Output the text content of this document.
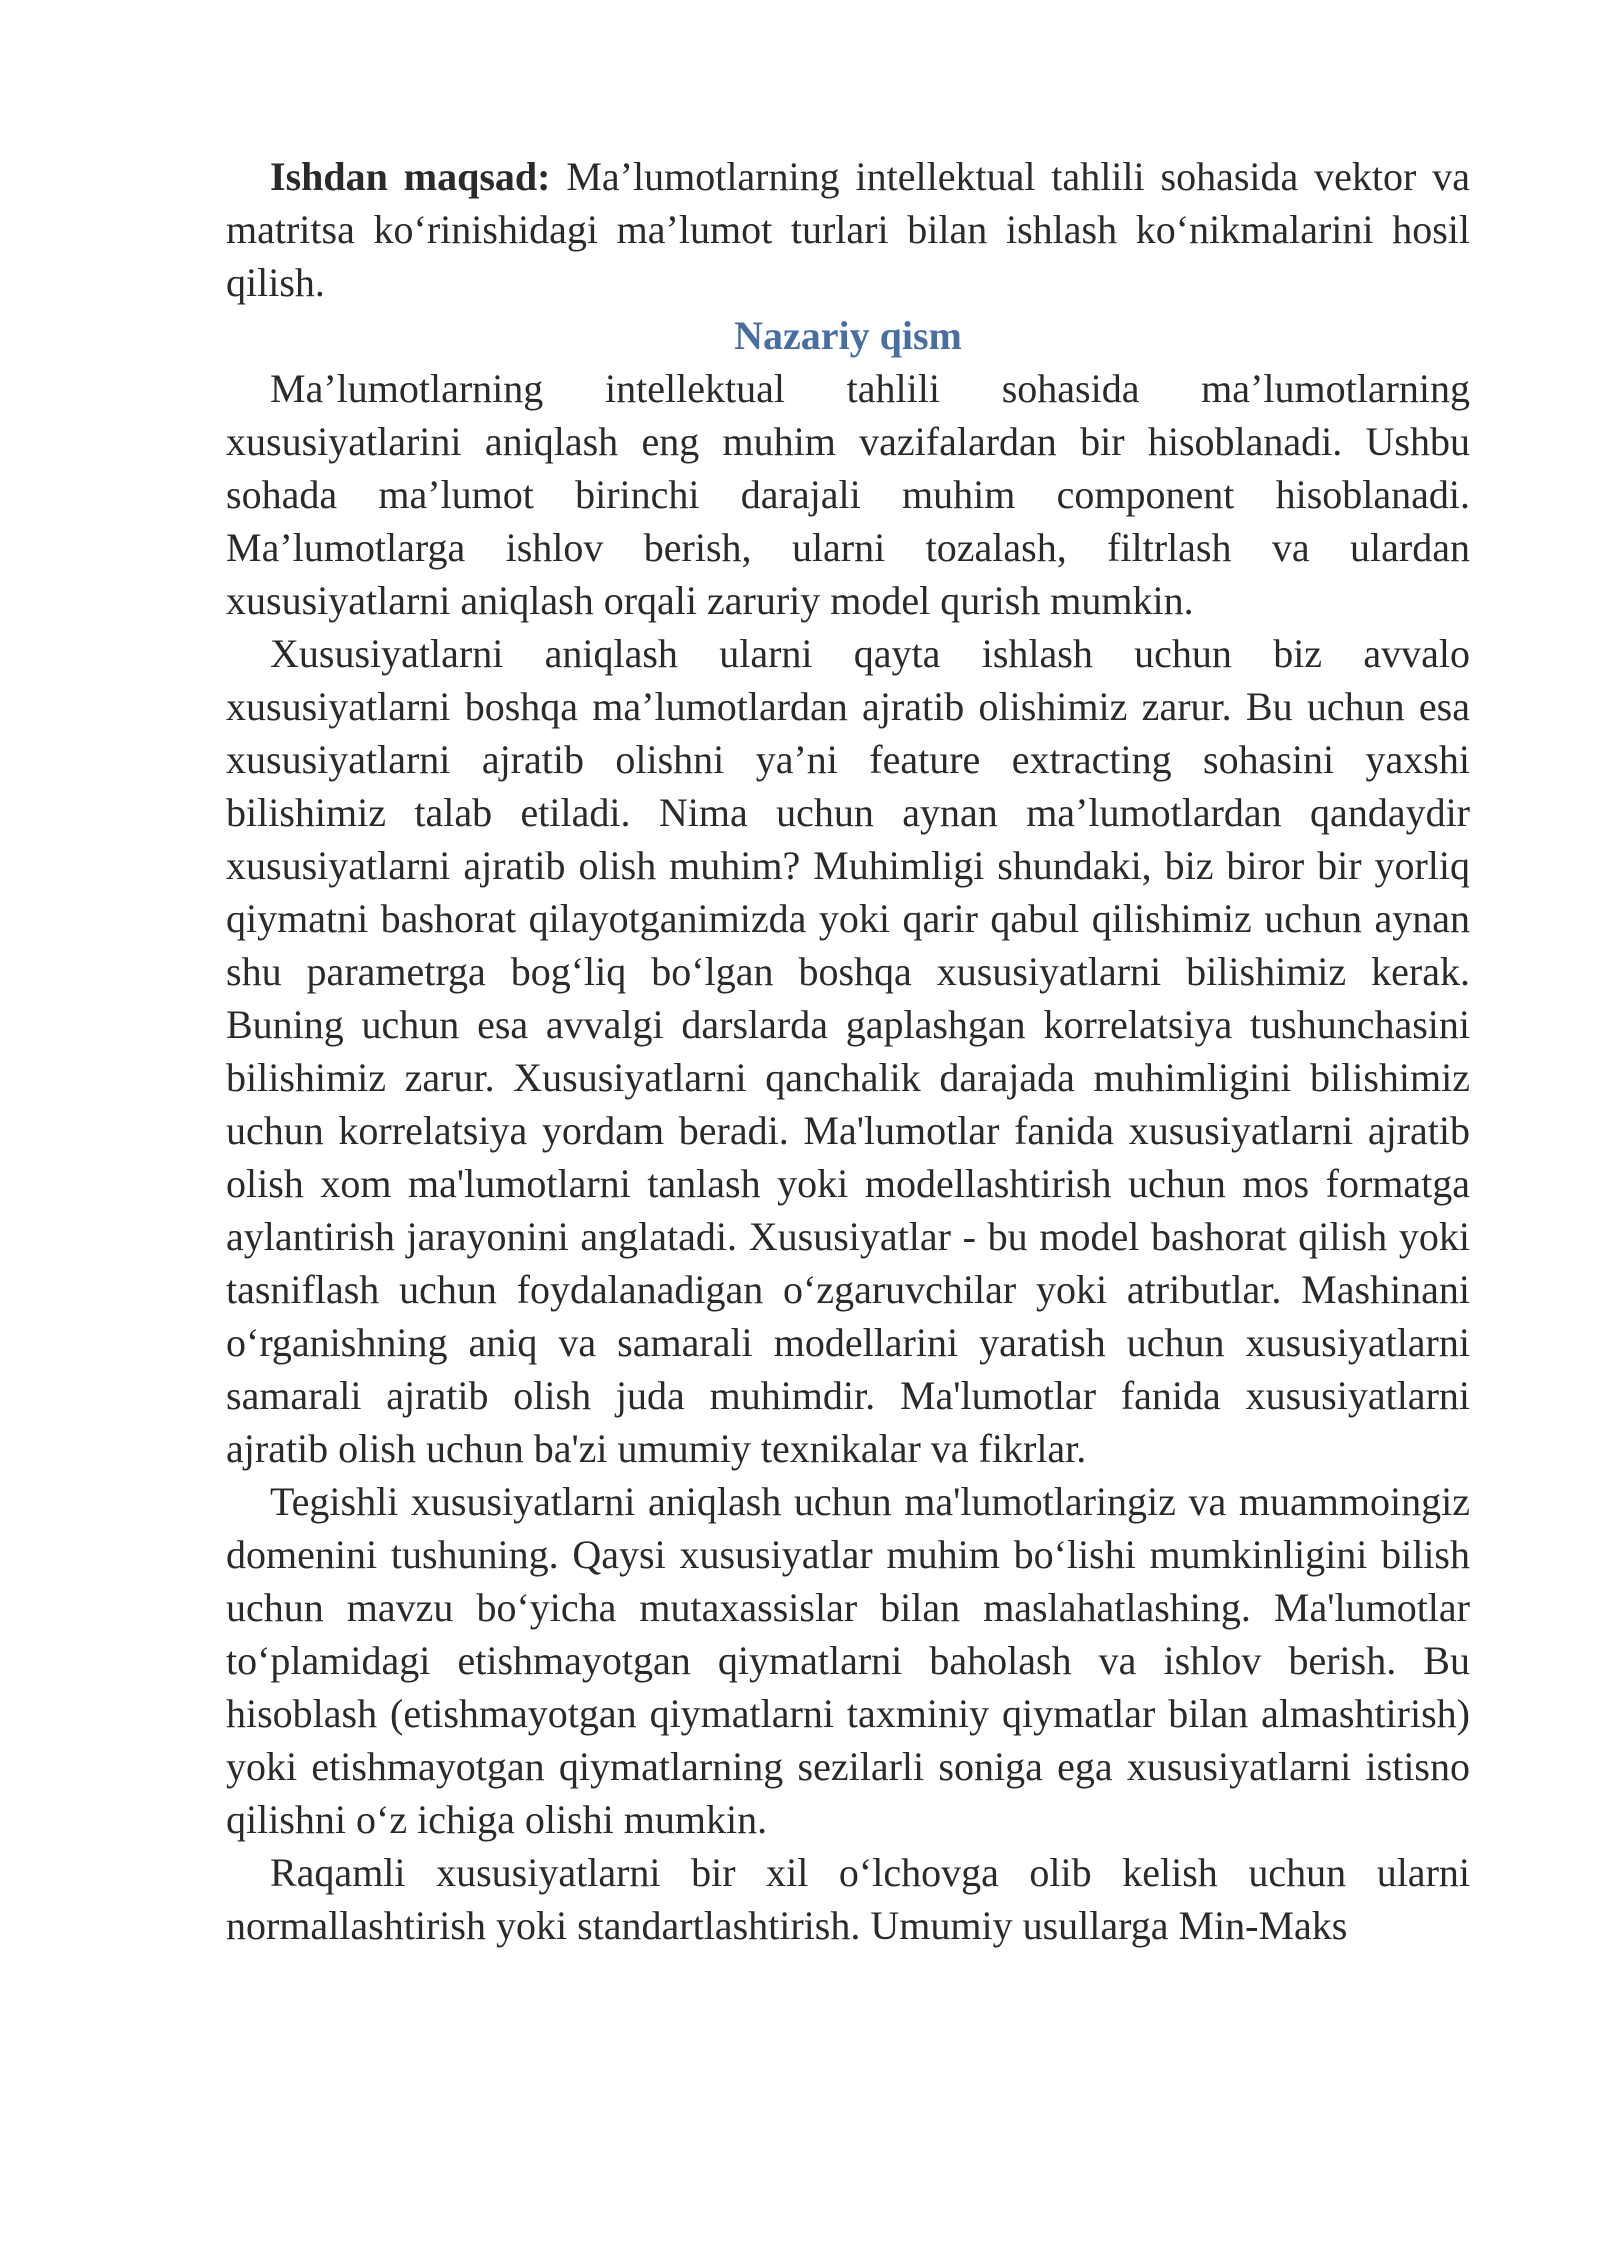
Ishdan maqsad: Ma’lumotlarning intellektual tahlili sohasida vektor va matritsa ko‘rinishidagi ma’lumot turlari bilan ishlash ko‘nikmalarini hosil qilish.

Nazariy qism

Ma’lumotlarning intellektual tahlili sohasida ma’lumotlarning xususiyatlarini aniqlash eng muhim vazifalardan bir hisoblanadi. Ushbu sohada ma’lumot birinchi darajali muhim component hisoblanadi. Ma’lumotlarga ishlov berish, ularni tozalash, filtrlash va ulardan xususiyatlarni aniqlash orqali zaruriy model qurish mumkin.

Xususiyatlarni aniqlash ularni qayta ishlash uchun biz avvalo xususiyatlarni boshqa ma’lumotlardan ajratib olishimiz zarur. Bu uchun esa xususiyatlarni ajratib olishni ya’ni feature extracting sohasini yaxshi bilishimiz talab etiladi. Nima uchun aynan ma’lumotlardan qandaydir xususiyatlarni ajratib olish muhim? Muhimligi shundaki, biz biror bir yorliq qiymatni bashorat qilayotganimizda yoki qarir qabul qilishimiz uchun aynan shu parametrga bog‘liq bo‘lgan boshqa xususiyatlarni bilishimiz kerak. Buning uchun esa avvalgi darslarda gaplashgan korrelatsiya tushunchasini bilishimiz zarur. Xususiyatlarni qanchalik darajada muhimligini bilishimiz uchun korrelatsiya yordam beradi. Ma'lumotlar fanida xususiyatlarni ajratib olish xom ma'lumotlarni tanlash yoki modellashtirish uchun mos formatga aylantirish jarayonini anglatadi. Xususiyatlar - bu model bashorat qilish yoki tasniflash uchun foydalanadigan o‘zgaruvchilar yoki atributlar. Mashinani o‘rganishning aniq va samarali modellarini yaratish uchun xususiyatlarni samarali ajratib olish juda muhimdir. Ma'lumotlar fanida xususiyatlarni ajratib olish uchun ba'zi umumiy texnikalar va fikrlar.

Tegishli xususiyatlarni aniqlash uchun ma'lumotlaringiz va muammoingiz domenini tushuning. Qaysi xususiyatlar muhim bo‘lishi mumkinligini bilish uchun mavzu bo‘yicha mutaxassislar bilan maslahatlashing. Ma'lumotlar to‘plamidagi etishmayotgan qiymatlarni baholash va ishlov berish. Bu hisoblash (etishmayotgan qiymatlarni taxminiy qiymatlar bilan almashtirish) yoki etishmayotgan qiymatlarning sezilarli soniga ega xususiyatlarni istisno qilishni o‘z ichiga olishi mumkin.

Raqamli xususiyatlarni bir xil o‘lchovga olib kelish uchun ularni normallashtirish yoki standartlashtirish. Umumiy usullarga Min-Maks
